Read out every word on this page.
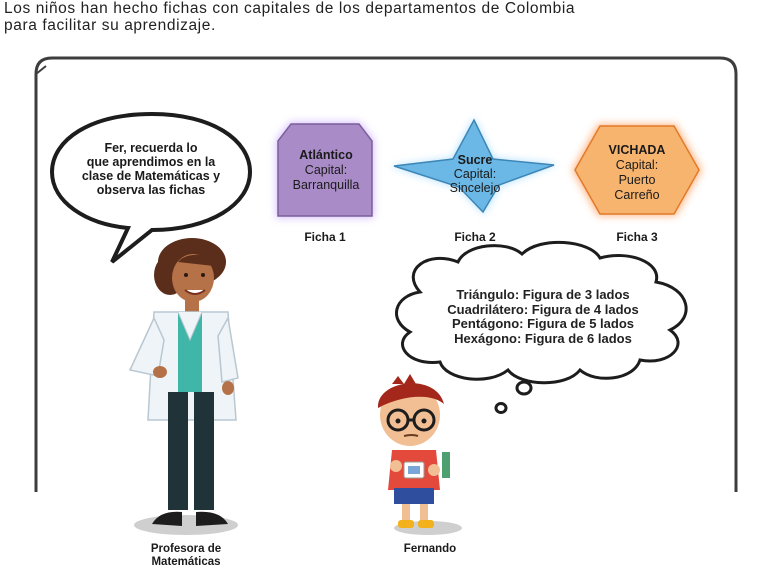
Los niños han hecho fichas con capitales de los departamentos de Colombia
para facilitar su aprendizaje.
Fer, recuerda lo
que aprendimos en la
clase de Matemáticas y
observa las fichas
Atlántico
Capital:
Barranquilla
Ficha 1
Sucre
Capital:
Sincelejo
Ficha 2
VICHADA
Capital:
Puerto
Carreño
Ficha 3
Triángulo: Figura de 3 lados
Cuadrilátero: Figura de 4 lados
Pentágono: Figura de 5 lados
Hexágono: Figura de 6 lados
Profesora de
Matemáticas
Fernando
